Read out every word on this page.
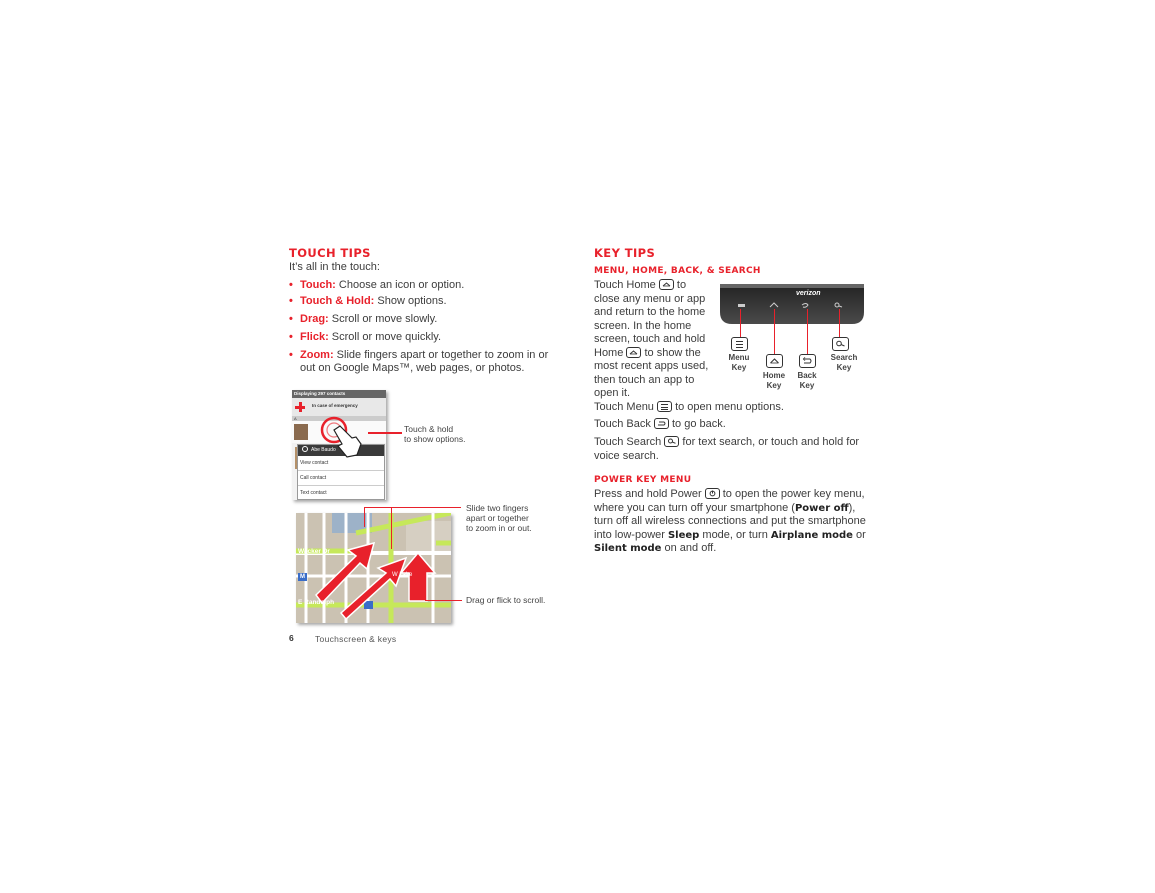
TOUCH TIPS
It’s all in the touch:
• Touch: Choose an icon or option.
• Touch & Hold: Show options.
• Drag: Scroll or move slowly.
• Flick: Scroll or move quickly.
• Zoom: Slide fingers apart or together to zoom in or
out on Google Maps™, web pages, or photos.
Displaying 297 contacts
In case of emergency
A
Abe Baudo
View contact
Call contact
Text contact
Touch & hold
to show options.
Wacker Dr
E Randolph
W Lake
M
Slide two fingers
apart or together
to zoom in or out.
Drag or flick to scroll.
6	Touchscreen & keys
KEY TIPS
MENU, HOME, BACK, & SEARCH
Touch Home to
close any menu or app
and return to the home
screen. In the home
screen, touch and hold
Home to show the
most recent apps used,
then touch an app to
open it.
verizon
Menu
Key
Home
Key
Back
Key
Search
Key
Touch Menu to open menu options.
Touch Back to go back.
Touch Search for text search, or touch and hold for
voice search.
POWER KEY MENU
Press and hold Power to open the power key menu,
where you can turn off your smartphone (Power off),
turn off all wireless connections and put the smartphone
into low-power Sleep mode, or turn Airplane mode or
Silent mode on and off.
